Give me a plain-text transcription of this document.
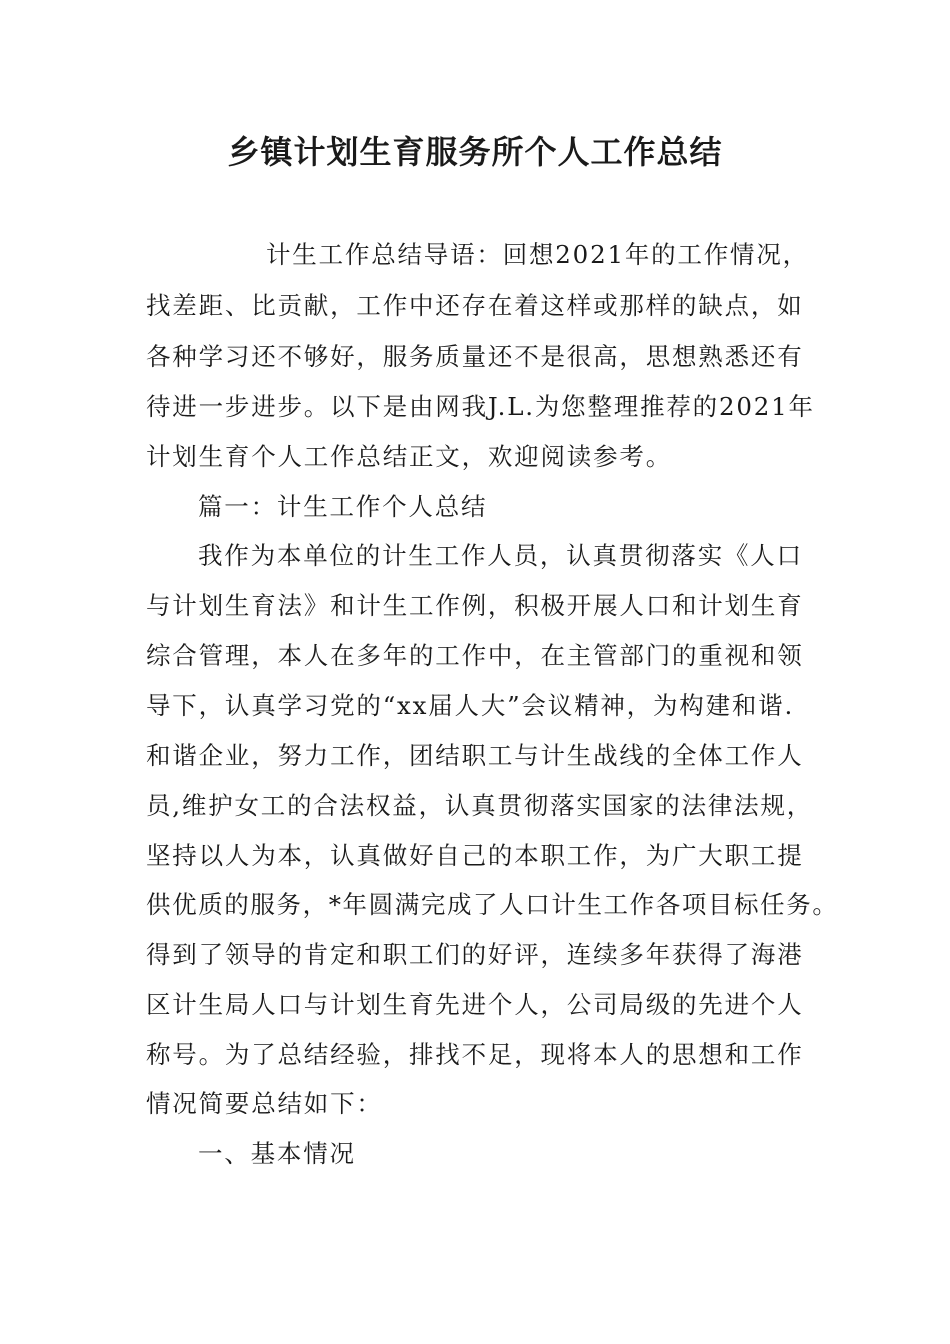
乡镇计划生育服务所个人工作总结

计生工作总结导语：回想2021年的工作情况，

找差距、比贡献，工作中还存在着这样或那样的缺点，如

各种学习还不够好，服务质量还不是很高，思想熟悉还有

待进一步进步。以下是由网我J.L.为您整理推荐的2021年

计划生育个人工作总结正文，欢迎阅读参考。

篇一：计生工作个人总结

我作为本单位的计生工作人员，认真贯彻落实《人口

与计划生育法》和计生工作例，积极开展人口和计划生育

综合管理，本人在多年的工作中，在主管部门的重视和领

导下，认真学习党的“xx届人大”会议精神，为构建和谐.

和谐企业，努力工作，团结职工与计生战线的全体工作人

员,维护女工的合法权益，认真贯彻落实国家的法律法规，

坚持以人为本，认真做好自己的本职工作，为广大职工提

供优质的服务，*年圆满完成了人口计生工作各项目标任务。

得到了领导的肯定和职工们的好评，连续多年获得了海港

区计生局人口与计划生育先进个人，公司局级的先进个人

称号。为了总结经验，排找不足，现将本人的思想和工作

情况简要总结如下：

一、基本情况
